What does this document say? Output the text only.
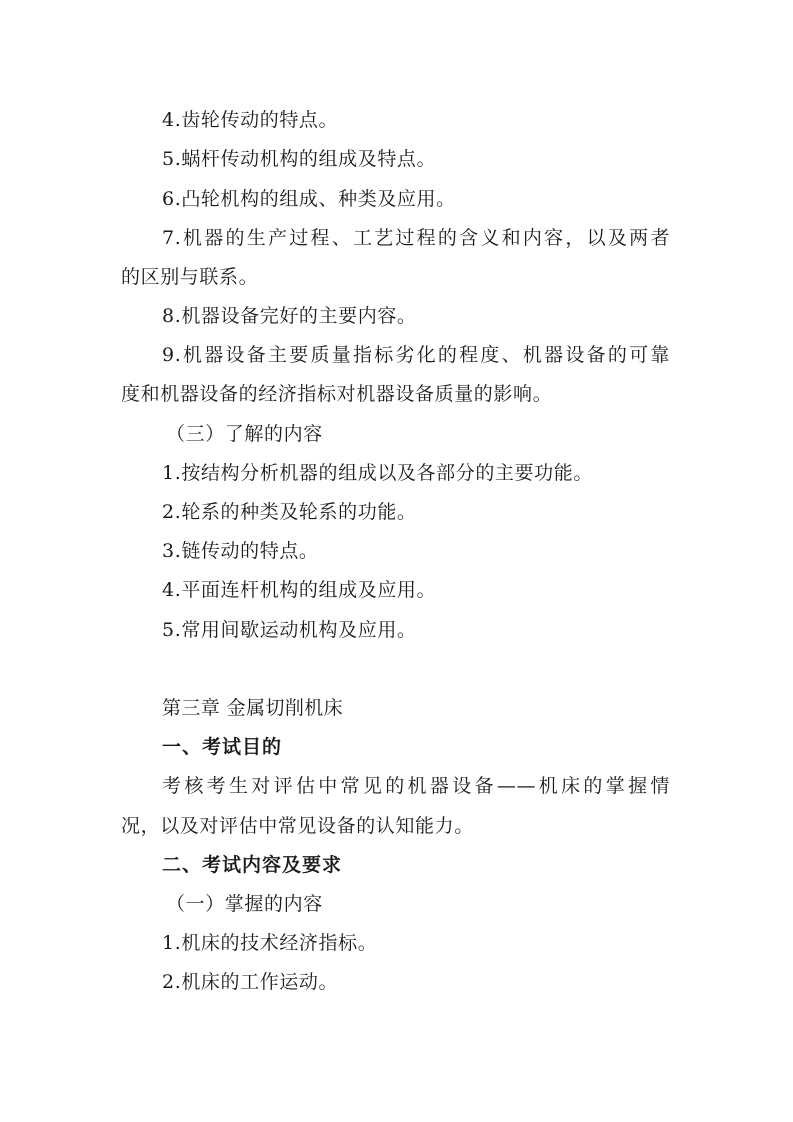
4.齿轮传动的特点。
5.蜗杆传动机构的组成及特点。
6.凸轮机构的组成、种类及应用。
7.机器的生产过程、工艺过程的含义和内容，以及两者
的区别与联系。
8.机器设备完好的主要内容。
9.机器设备主要质量指标劣化的程度、机器设备的可靠
度和机器设备的经济指标对机器设备质量的影响。
（三）了解的内容
1.按结构分析机器的组成以及各部分的主要功能。
2.轮系的种类及轮系的功能。
3.链传动的特点。
4.平面连杆机构的组成及应用。
5.常用间歇运动机构及应用。
第三章 金属切削机床
一、考试目的
考核考生对评估中常见的机器设备——机床的掌握情
况，以及对评估中常见设备的认知能力。
二、考试内容及要求
（一）掌握的内容
1.机床的技术经济指标。
2.机床的工作运动。
